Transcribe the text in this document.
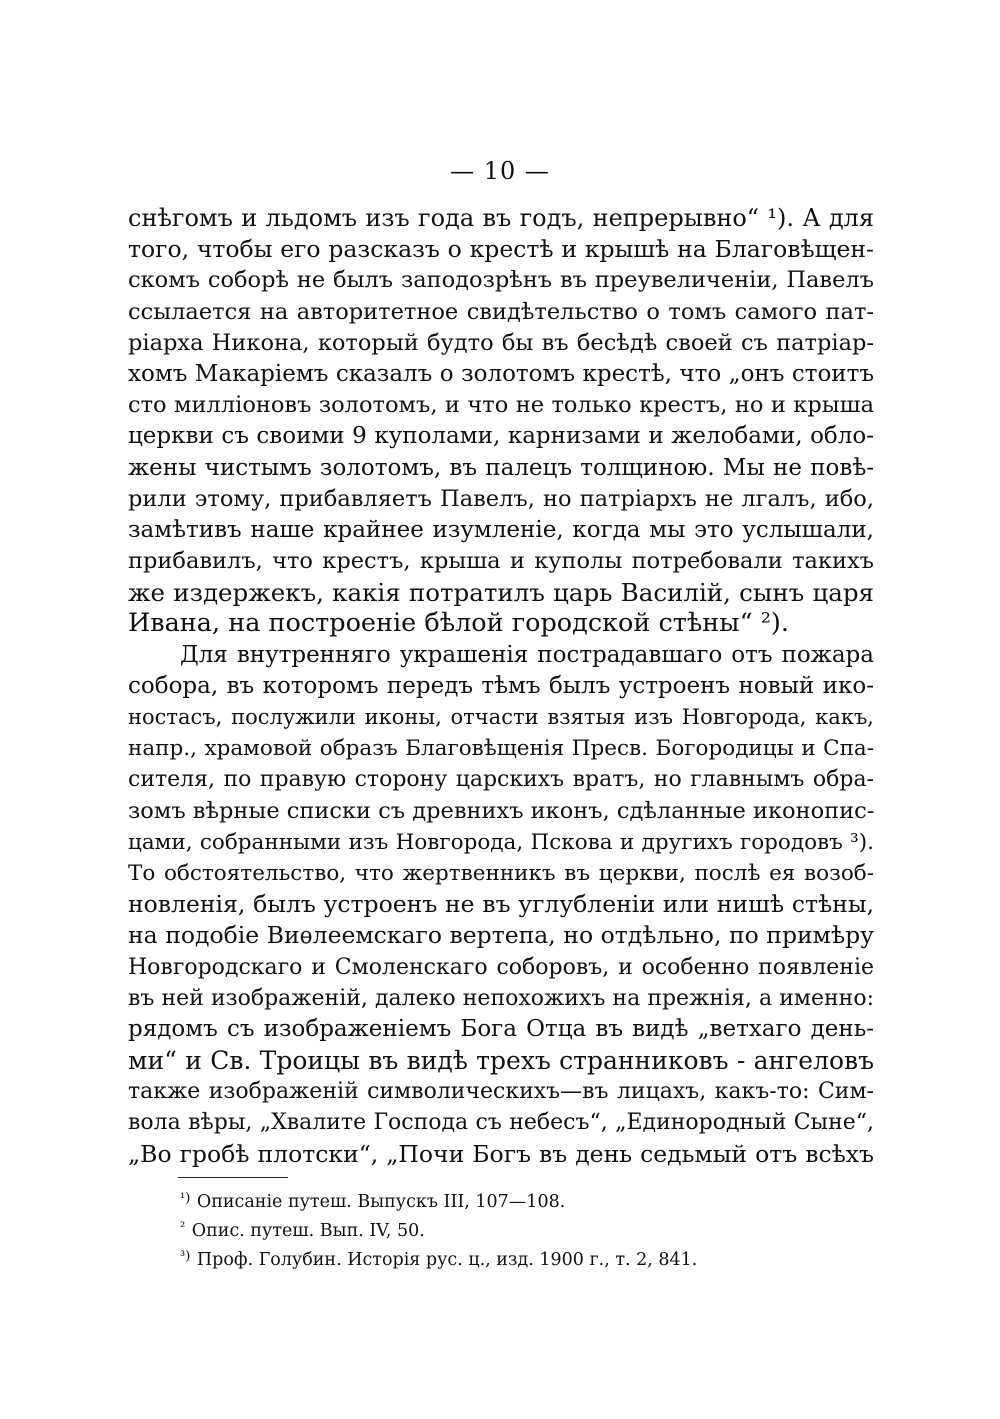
— 10 —
снѣгомъ и льдомъ изъ года въ годъ, непрерывно“ ¹). А для
того, чтобы его разсказъ о крестѣ и крышѣ на Благовѣщен-
скомъ соборѣ не былъ заподозрѣнъ въ преувеличеніи, Павелъ
ссылается на авторитетное свидѣтельство о томъ самого пат-
ріарха Никона, который будто бы въ бесѣдѣ своей съ патріар-
хомъ Макаріемъ сказалъ о золотомъ крестѣ, что „онъ стоитъ
сто милліоновъ золотомъ, и что не только крестъ, но и крыша
церкви съ своими 9 куполами, карнизами и желобами, обло-
жены чистымъ золотомъ, въ палецъ толщиною. Мы не повѣ-
рили этому, прибавляетъ Павелъ, но патріархъ не лгалъ, ибо,
замѣтивъ наше крайнее изумленіе, когда мы это услышали,
прибавилъ, что крестъ, крыша и куполы потребовали такихъ
же издержекъ, какія потратилъ царь Василій, сынъ царя
Ивана, на построеніе бѣлой городской стѣны“ ²).
Для внутренняго украшенія пострадавшаго отъ пожара
собора, въ которомъ передъ тѣмъ былъ устроенъ новый ико-
ностасъ, послужили иконы, отчасти взятыя изъ Новгорода, какъ,
напр., храмовой образъ Благовѣщенія Пресв. Богородицы и Спа-
сителя, по правую сторону царскихъ вратъ, но главнымъ обра-
зомъ вѣрные списки съ древнихъ иконъ, сдѣланные иконопис-
цами, собранными изъ Новгорода, Пскова и другихъ городовъ ³).
То обстоятельство, что жертвенникъ въ церкви, послѣ ея возоб-
новленія, былъ устроенъ не въ углубленіи или нишѣ стѣны,
на подобіе Виѳлеемскаго вертепа, но отдѣльно, по примѣру
Новгородскаго и Смоленскаго соборовъ, и особенно появленіе
въ ней изображеній, далеко непохожихъ на прежнія, а именно:
рядомъ съ изображеніемъ Бога Отца въ видѣ „ветхаго день-
ми“ и Св. Троицы въ видѣ трехъ странниковъ - ангеловъ
также изображеній символическихъ—въ лицахъ, какъ-то: Сим-
вола вѣры, „Хвалите Господа съ небесъ“, „Единородный Сыне“,
„Во гробѣ плотски“, „Почи Богъ въ день седьмый отъ всѣхъ
$^{^1)}$ Описаніе путеш. Выпускъ III, 107—108.
$^{^2}$ Опис. путеш. Вып. IV, 50.
$^{^3)}$ Проф. Голубин. Исторія рус. ц., изд. 1900 г., т. 2, 841.
